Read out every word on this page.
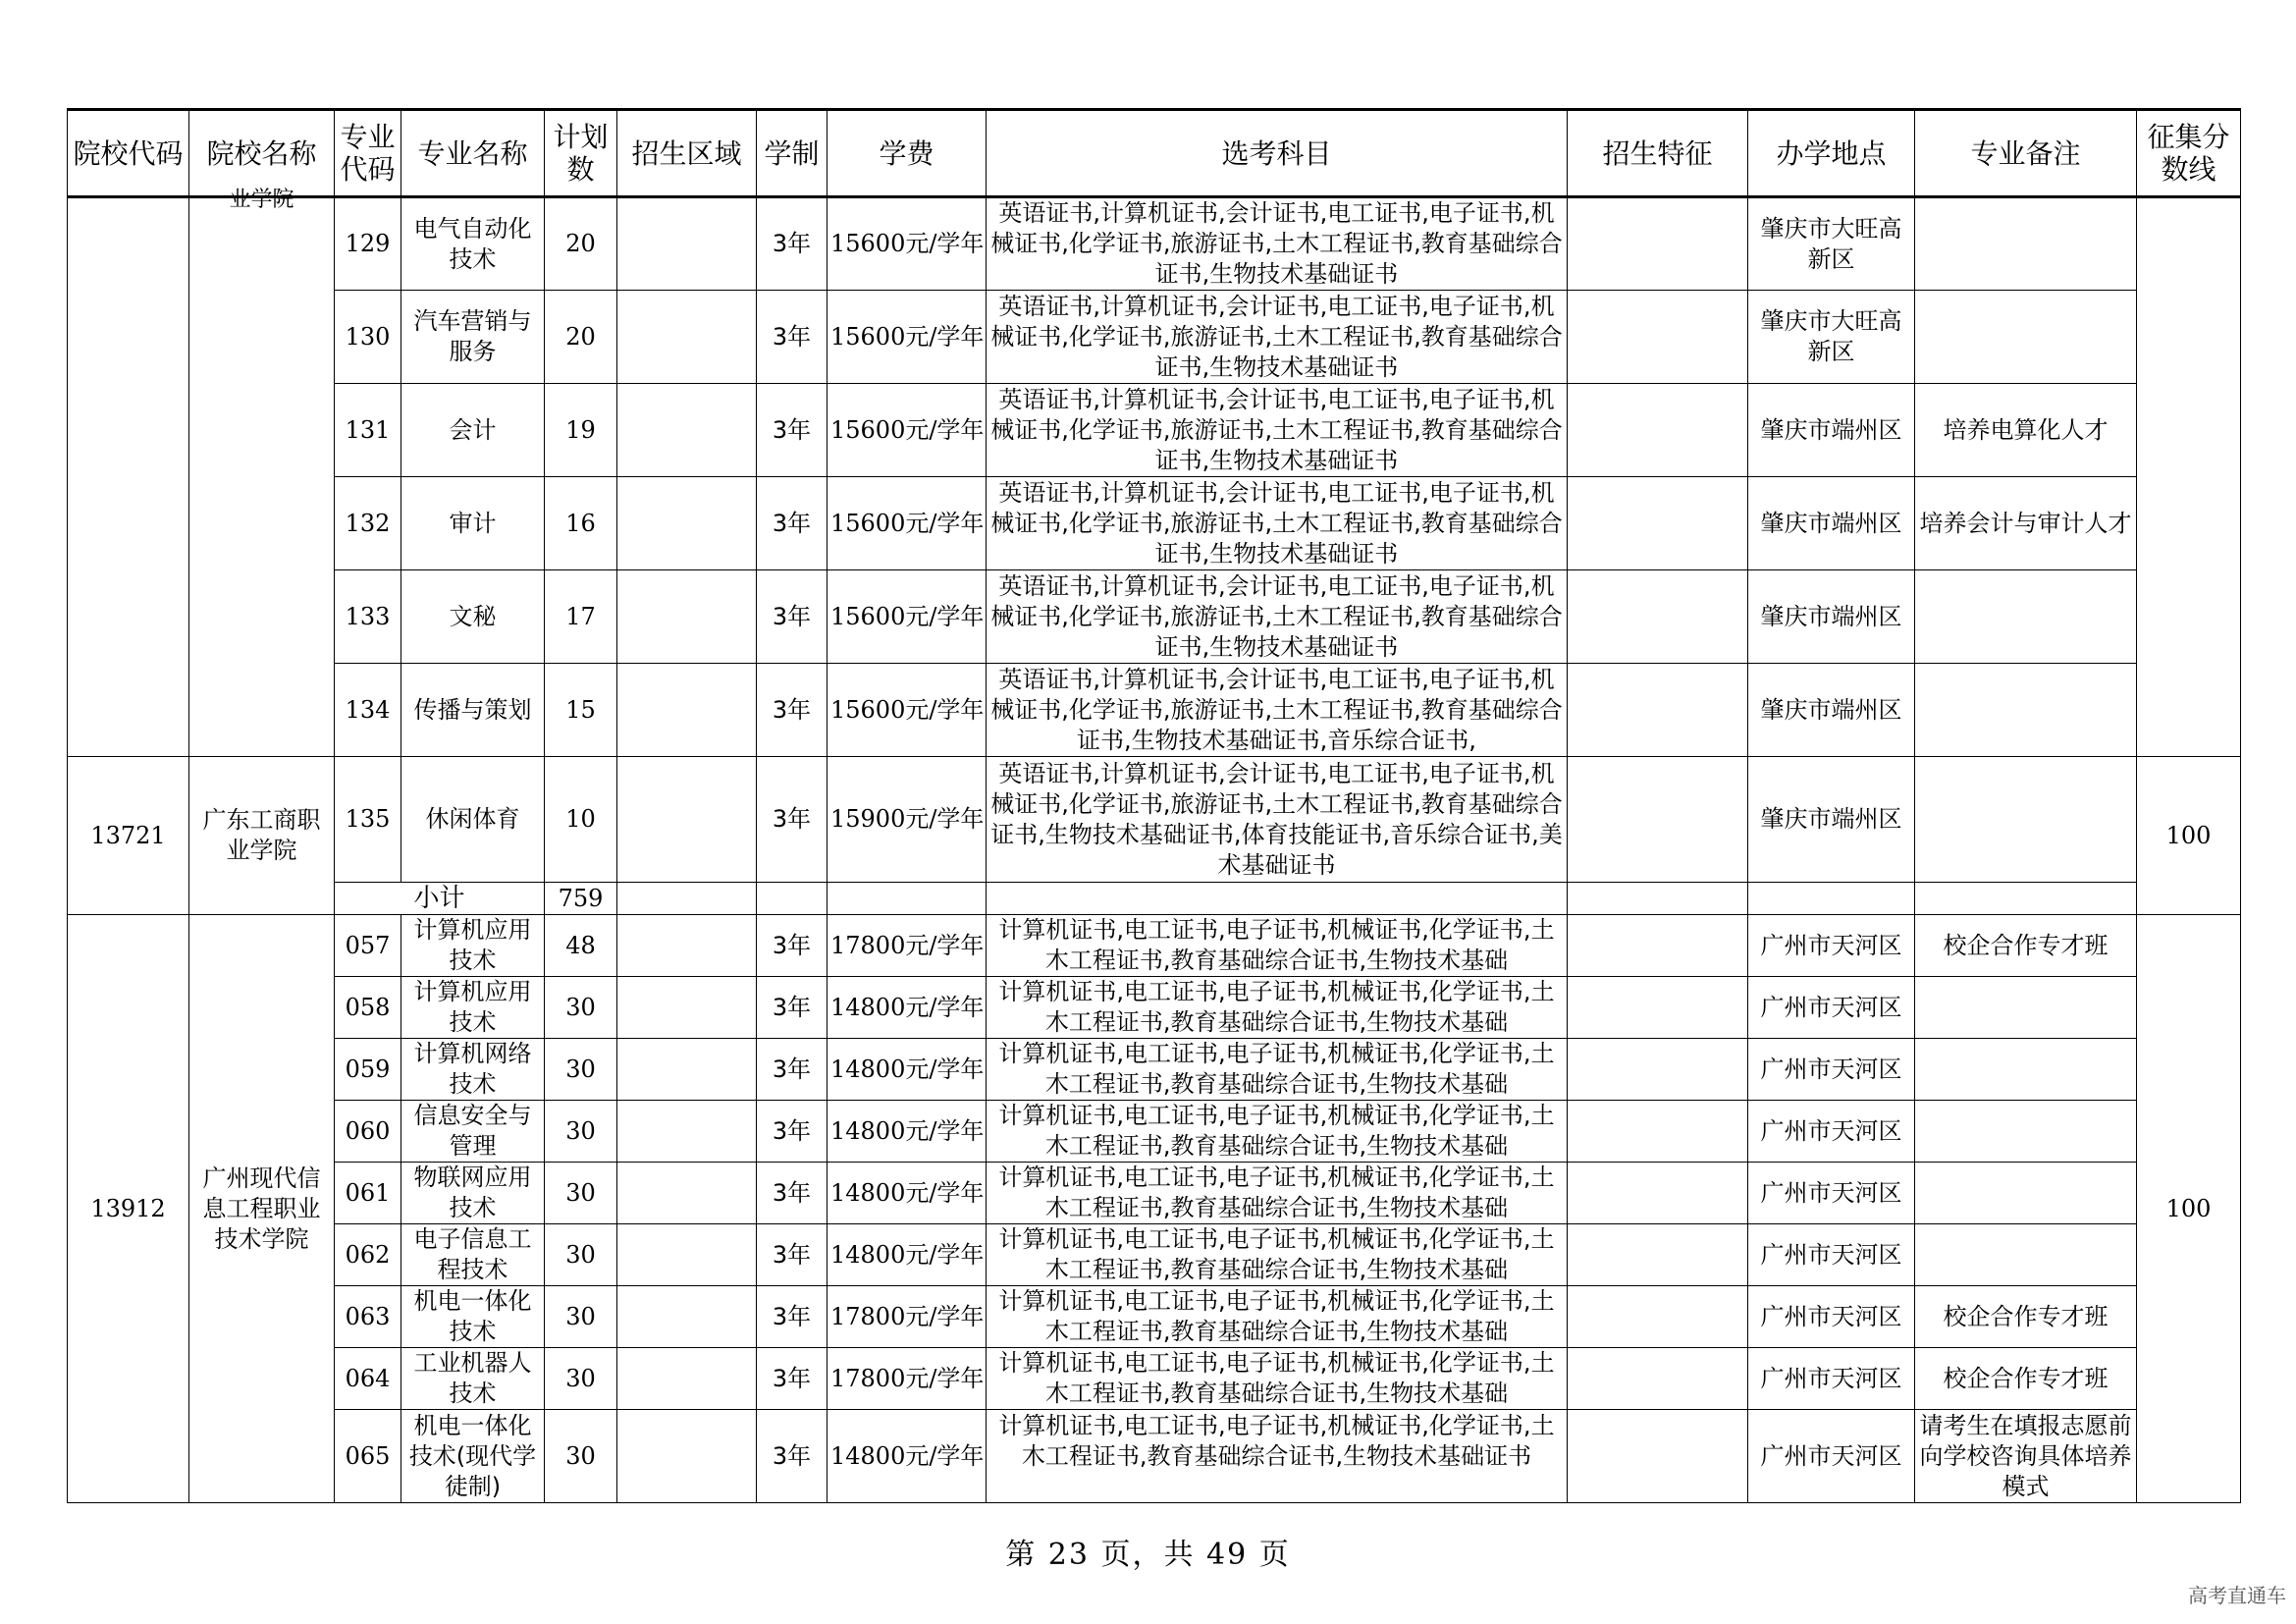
院校代码	院校名称	专业代码	专业名称	计划数	招生区域	学制	学费	选考科目	招生特征	办学地点	专业备注	征集分数线

	业学院	129	电气自动化技术	20		3年	15600元/学年	英语证书,计算机证书,会计证书,电工证书,电子证书,机械证书,化学证书,旅游证书,土木工程证书,教育基础综合证书,生物技术基础证书		肇庆市大旺高新区		

		130	汽车营销与服务	20		3年	15600元/学年	英语证书,计算机证书,会计证书,电工证书,电子证书,机械证书,化学证书,旅游证书,土木工程证书,教育基础综合证书,生物技术基础证书		肇庆市大旺高新区		

		131	会计	19		3年	15600元/学年	英语证书,计算机证书,会计证书,电工证书,电子证书,机械证书,化学证书,旅游证书,土木工程证书,教育基础综合证书,生物技术基础证书		肇庆市端州区	培养电算化人才	

		132	审计	16		3年	15600元/学年	英语证书,计算机证书,会计证书,电工证书,电子证书,机械证书,化学证书,旅游证书,土木工程证书,教育基础综合证书,生物技术基础证书		肇庆市端州区	培养会计与审计人才	

		133	文秘	17		3年	15600元/学年	英语证书,计算机证书,会计证书,电工证书,电子证书,机械证书,化学证书,旅游证书,土木工程证书,教育基础综合证书,生物技术基础证书		肇庆市端州区		

		134	传播与策划	15		3年	15600元/学年	英语证书,计算机证书,会计证书,电工证书,电子证书,机械证书,化学证书,旅游证书,土木工程证书,教育基础综合证书,生物技术基础证书,音乐综合证书,		肇庆市端州区		

13721	广东工商职业学院	135	休闲体育	10		3年	15900元/学年	英语证书,计算机证书,会计证书,电工证书,电子证书,机械证书,化学证书,旅游证书,土木工程证书,教育基础综合证书,生物技术基础证书,体育技能证书,音乐综合证书,美术基础证书		肇庆市端州区		100
		小计		759								
13912	广州现代信息工程职业技术学院	057	计算机应用技术	48		3年	17800元/学年	计算机证书,电工证书,电子证书,机械证书,化学证书,土木工程证书,教育基础综合证书,生物技术基础		广州市天河区	校企合作专才班	100
		058	计算机应用技术	30		3年	14800元/学年	计算机证书,电工证书,电子证书,机械证书,化学证书,土木工程证书,教育基础综合证书,生物技术基础		广州市天河区		

		059	计算机网络技术	30		3年	14800元/学年	计算机证书,电工证书,电子证书,机械证书,化学证书,土木工程证书,教育基础综合证书,生物技术基础		广州市天河区		

		060	信息安全与管理	30		3年	14800元/学年	计算机证书,电工证书,电子证书,机械证书,化学证书,土木工程证书,教育基础综合证书,生物技术基础		广州市天河区		

		061	物联网应用技术	30		3年	14800元/学年	计算机证书,电工证书,电子证书,机械证书,化学证书,土木工程证书,教育基础综合证书,生物技术基础		广州市天河区		

		062	电子信息工程技术	30		3年	14800元/学年	计算机证书,电工证书,电子证书,机械证书,化学证书,土木工程证书,教育基础综合证书,生物技术基础		广州市天河区		

		063	机电一体化技术	30		3年	17800元/学年	计算机证书,电工证书,电子证书,机械证书,化学证书,土木工程证书,教育基础综合证书,生物技术基础		广州市天河区	校企合作专才班	

		064	工业机器人技术	30		3年	17800元/学年	计算机证书,电工证书,电子证书,机械证书,化学证书,土木工程证书,教育基础综合证书,生物技术基础		广州市天河区	校企合作专才班	

		065	机电一体化技术(现代学徒制)	30		3年	14800元/学年	计算机证书,电工证书,电子证书,机械证书,化学证书,土木工程证书,教育基础综合证书,生物技术基础证书		广州市天河区	请考生在填报志愿前向学校咨询具体培养模式	
第 23 页，共 49 页
高考直通车
